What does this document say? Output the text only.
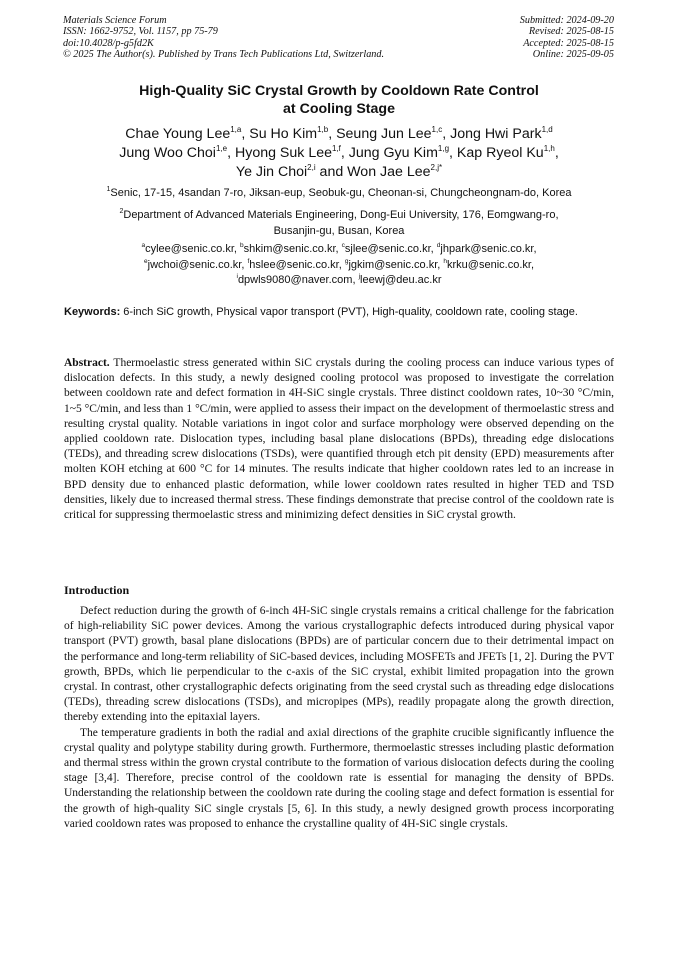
Materials Science Forum
ISSN: 1662-9752, Vol. 1157, pp 75-79
doi:10.4028/p-g5fd2K
© 2025 The Author(s). Published by Trans Tech Publications Ltd, Switzerland.
Submitted: 2024-09-20
Revised: 2025-08-15
Accepted: 2025-08-15
Online: 2025-09-05
High-Quality SiC Crystal Growth by Cooldown Rate Control
at Cooling Stage
Chae Young Lee$^{1,a}$, Su Ho Kim$^{1,b}$, Seung Jun Lee$^{1,c}$, Jong Hwi Park$^{1,d}$
Jung Woo Choi$^{1,e}$, Hyong Suk Lee$^{1,f}$, Jung Gyu Kim$^{1,g}$, Kap Ryeol Ku$^{1,h}$,
Ye Jin Choi$^{2,i}$ and Won Jae Lee$^{2,j*}$
$^1$Senic, 17-15, 4sandan 7-ro, Jiksan-eup, Seobuk-gu, Cheonan-si, Chungcheongnam-do, Korea
$^2$Department of Advanced Materials Engineering, Dong-Eui University, 176, Eomgwang-ro,
Busanjin-gu, Busan, Korea
$^a$cylee@senic.co.kr, $^b$shkim@senic.co.kr, $^c$sjlee@senic.co.kr, $^d$jhpark@senic.co.kr,
$^e$jwchoi@senic.co.kr, $^f$hslee@senic.co.kr, $^g$jgkim@senic.co.kr, $^h$krku@senic.co.kr,
$^i$dpwls9080@naver.com, $^j$leewj@deu.ac.kr
Keywords: 6-inch SiC growth, Physical vapor transport (PVT), High-quality, cooldown rate, cooling stage.
Abstract. Thermoelastic stress generated within SiC crystals during the cooling process can induce various types of dislocation defects. In this study, a newly designed cooling protocol was proposed to investigate the correlation between cooldown rate and defect formation in 4H-SiC single crystals. Three distinct cooldown rates, 10~30 °C/min, 1~5 °C/min, and less than 1 °C/min, were applied to assess their impact on the development of thermoelastic stress and resulting crystal quality. Notable variations in ingot color and surface morphology were observed depending on the applied cooldown rate. Dislocation types, including basal plane dislocations (BPDs), threading edge dislocations (TEDs), and threading screw dislocations (TSDs), were quantified through etch pit density (EPD) measurements after molten KOH etching at 600 °C for 14 minutes. The results indicate that higher cooldown rates led to an increase in BPD density due to enhanced plastic deformation, while lower cooldown rates resulted in higher TED and TSD densities, likely due to increased thermal stress. These findings demonstrate that precise control of the cooldown rate is critical for suppressing thermoelastic stress and minimizing defect densities in SiC crystal growth.
Introduction

Defect reduction during the growth of 6-inch 4H-SiC single crystals remains a critical challenge for the fabrication of high-reliability SiC power devices. Among the various crystallographic defects introduced during physical vapor transport (PVT) growth, basal plane dislocations (BPDs) are of particular concern due to their detrimental impact on the performance and long-term reliability of SiC-based devices, including MOSFETs and JFETs [1, 2]. During the PVT growth, BPDs, which lie perpendicular to the c-axis of the SiC crystal, exhibit limited propagation into the grown crystal. In contrast, other crystallographic defects originating from the seed crystal such as threading edge dislocations (TEDs), threading screw dislocations (TSDs), and micropipes (MPs), readily propagate along the growth direction, thereby extending into the epitaxial layers.

The temperature gradients in both the radial and axial directions of the graphite crucible significantly influence the crystal quality and polytype stability during growth. Furthermore, thermoelastic stresses including plastic deformation and thermal stress within the grown crystal contribute to the formation of various dislocation defects during the cooling stage [3,4]. Therefore, precise control of the cooldown rate is essential for managing the density of BPDs. Understanding the relationship between the cooldown rate during the cooling stage and defect formation is essential for the growth of high-quality SiC single crystals [5, 6]. In this study, a newly designed growth process incorporating varied cooldown rates was proposed to enhance the crystalline quality of 4H-SiC single crystals.
